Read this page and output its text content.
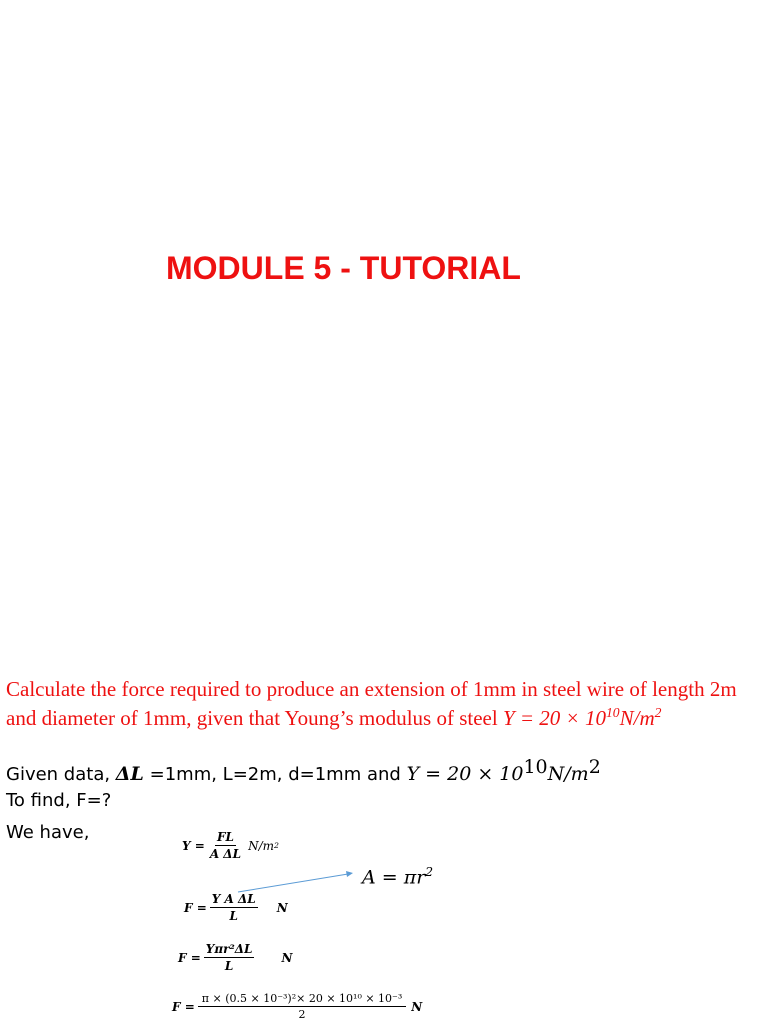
MODULE 5 - TUTORIAL
Calculate the force required to produce an extension of 1mm in steel wire of length 2m and diameter of 1mm, given that Young’s modulus of steel $Y = 20 \times 10^{10}N/m^2$
Given data, ΔL =1mm, L=2m, d=1mm and Y = 20 × 1010N/m2
To find, F=?
We have,
$Y = \frac{FL}{\text{A ΔL}} N/m$ 2
$A = \pi r^2$
$F = \frac{\text{Y A ΔL}}{L}$ N
$F = \frac{\text{Yπr²ΔL}}{L}$ N
$F = \frac{\text{π × (0.5 × 10⁻³)²× 20 × 10¹⁰ × 10⁻³}}{2}$ N
